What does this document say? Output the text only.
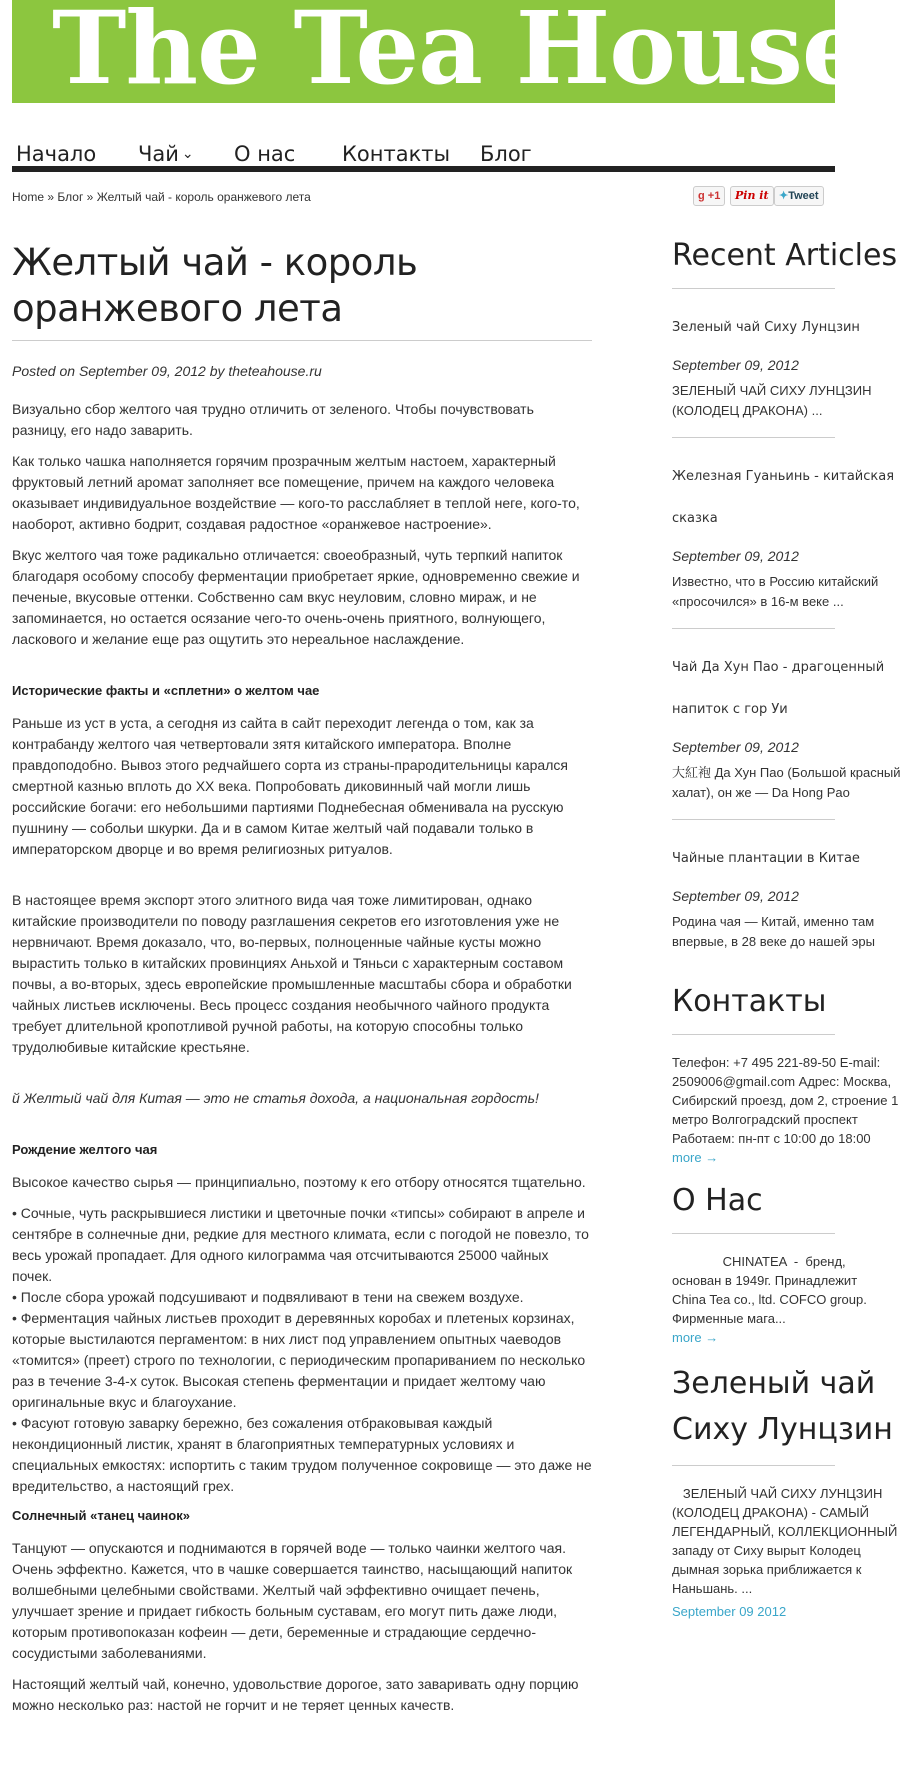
The Tea House
Начало Чай ⌄ О нас Контакты Блог
Home » Блог » Желтый чай - король оранжевого лета	g +1	Pin it ✦Tweet
Желтый чай - король оранжевого лета
Posted on September 09, 2012 by theteahouse.ru

Визуально сбор желтого чая трудно отличить от зеленого. Чтобы почувствовать разницу, его надо заварить.

Как только чашка наполняется горячим прозрачным желтым настоем, характерный фруктовый летний аромат заполняет все помещение, причем на каждого человека оказывает индивидуальное воздействие — кого-то расслабляет в теплой неге, кого-то, наоборот, активно бодрит, создавая радостное «оранжевое настроение».

Вкус желтого чая тоже радикально отличается: своеобразный, чуть терпкий напиток благодаря особому способу ферментации приобретает яркие, одновременно свежие и печеные, вкусовые оттенки. Собственно сам вкус неуловим, словно мираж, и не запоминается, но остается осязание чего-то очень-очень приятного, волнующего, ласкового и желание еще раз ощутить это нереальное наслаждение.

Исторические факты и «сплетни» о желтом чае

Раньше из уст в уста, а сегодня из сайта в сайт переходит легенда о том, как за контрабанду желтого чая четвертовали зятя китайского императора. Вполне правдоподобно. Вывоз этого редчайшего сорта из страны-прародительницы карался смертной казнью вплоть до XX века. Попробовать диковинный чай могли лишь российские богачи: его небольшими партиями Поднебесная обменивала на русскую пушнину — собольи шкурки. Да и в самом Китае желтый чай подавали только в императорском дворце и во время религиозных ритуалов.

В настоящее время экспорт этого элитного вида чая тоже лимитирован, однако китайские производители по поводу разглашения секретов его изготовления уже не нервничают. Время доказало, что, во-первых, полноценные чайные кусты можно вырастить только в китайских провинциях Аньхой и Тяньси с характерным составом почвы, а во-вторых, здесь европейские промышленные масштабы сбора и обработки чайных листьев исключены. Весь процесс создания необычного чайного продукта требует длительной кропотливой ручной работы, на которую способны только трудолюбивые китайские крестьяне.

й Желтый чай для Китая — это не статья дохода, а национальная гордость!

Рождение желтого чая

Высокое качество сырья — принципиально, поэтому к его отбору относятся тщательно.

• Сочные, чуть раскрывшиеся листики и цветочные почки «типсы» собирают в апреле и сентябре в солнечные дни, редкие для местного климата, если с погодой не повезло, то весь урожай пропадает. Для одного килограмма чая отсчитываются 25000 чайных почек.
• После сбора урожай подсушивают и подвяливают в тени на свежем воздухе.
• Ферментация чайных листьев проходит в деревянных коробах и плетеных корзинах, которые выстилаются пергаментом: в них лист под управлением опытных чаеводов «томится» (преет) строго по технологии, с периодическим пропариванием по несколько раз в течение 3-4-х суток. Высокая степень ферментации и придает желтому чаю оригинальные вкус и благоухание.
• Фасуют готовую заварку бережно, без сожаления отбраковывая каждый некондиционный листик, хранят в благоприятных температурных условиях и специальных емкостях: испортить с таким трудом полученное сокровище — это даже не вредительство, а настоящий грех.
Солнечный «танец чаинок»

Танцуют — опускаются и поднимаются в горячей воде — только чаинки желтого чая. Очень эффектно. Кажется, что в чашке совершается таинство, насыщающий напиток волшебными целебными свойствами. Желтый чай эффективно очищает печень, улучшает зрение и придает гибкость больным суставам, его могут пить даже люди, которым противопоказан кофеин — дети, беременные и страдающие сердечно-сосудистыми заболеваниями.

Настоящий желтый чай, конечно, удовольствие дорогое, зато заваривать одну порцию можно несколько раз: настой не горчит и не теряет ценных качеств.

Recent Articles
Зеленый чай Сиху Лунцзин
September 09, 2012
ЗЕЛЕНЫЙ ЧАЙ СИХУ ЛУНЦЗИН
(КОЛОДЕЦ ДРАКОНА) ...
Железная Гуаньинь - китайская
сказка
September 09, 2012
Известно, что в Россию китайский
«просочился» в 16-м веке ...
Чай Да Хун Пао - драгоценный
напиток с гор Уи
September 09, 2012
大紅袍 Да Хун Пао (Большой красный
халат), он же — Da Hong Pao
Чайные плантации в Китае
September 09, 2012
Родина чая — Китай, именно там
впервые, в 28 веке до нашей эры
Контакты
Телефон: +7 495 221-89-50 E-mail:
2509006@gmail.com Адрес: Москва,
Сибирский проезд, дом 2, строение 1
метро Волгоградский проспект
Работаем: пн-пт с 10:00 до 18:00
more →
О Нас
CHINATEA  -  бренд,
основан в 1949г. Принадлежит
China Tea co., ltd. COFCO group.
Фирменные мага...
more →
Зеленый чай
Сиху Лунцзин
ЗЕЛЕНЫЙ ЧАЙ СИХУ ЛУНЦЗИН
(КОЛОДЕЦ ДРАКОНА) - САМЫЙ
ЛЕГЕНДАРНЫЙ, КОЛЛЕКЦИОННЫЙ
западу от Сиху вырыт Колодец
дымная зорька приближается к
Наньшань. ...
September 09 2012
